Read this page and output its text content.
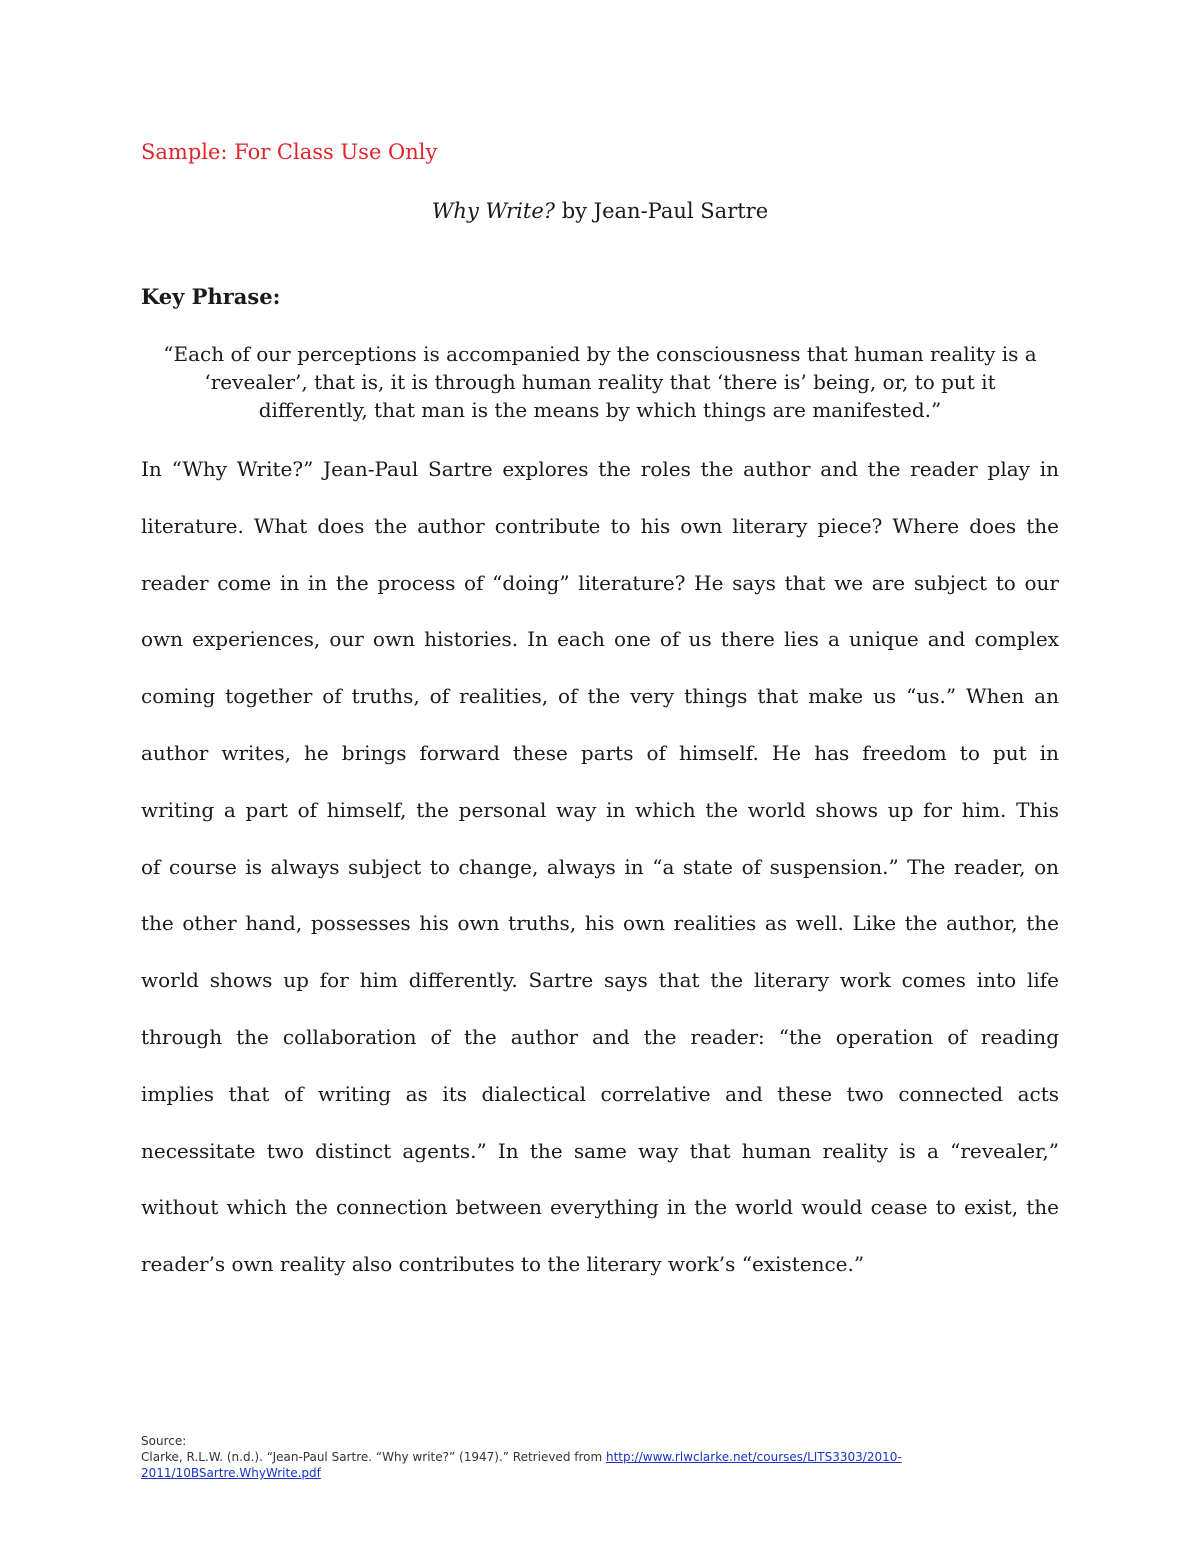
Sample: For Class Use Only
Why Write? by Jean-Paul Sartre
Key Phrase:
“Each of our perceptions is accompanied by the consciousness that human reality is a
‘revealer’, that is, it is through human reality that ‘there is’ being, or, to put it
differently, that man is the means by which things are manifested.”
In “Why Write?” Jean-Paul Sartre explores the roles the author and the reader play in
literature. What does the author contribute to his own literary piece? Where does the
reader come in in the process of “doing” literature? He says that we are subject to our
own experiences, our own histories. In each one of us there lies a unique and complex
coming together of truths, of realities, of the very things that make us “us.” When an
author writes, he brings forward these parts of himself. He has freedom to put in
writing a part of himself, the personal way in which the world shows up for him. This
of course is always subject to change, always in “a state of suspension.” The reader, on
the other hand, possesses his own truths, his own realities as well. Like the author, the
world shows up for him differently. Sartre says that the literary work comes into life
through the collaboration of the author and the reader: “the operation of reading
implies that of writing as its dialectical correlative and these two connected acts
necessitate two distinct agents.” In the same way that human reality is a “revealer,”
without which the connection between everything in the world would cease to exist, the
reader’s own reality also contributes to the literary work’s “existence.”
Source:
Clarke, R.L.W. (n.d.). “Jean-Paul Sartre. “Why write?” (1947).” Retrieved from http://www.rlwclarke.net/courses/LITS3303/2010-
2011/10BSartre.WhyWrite.pdf
